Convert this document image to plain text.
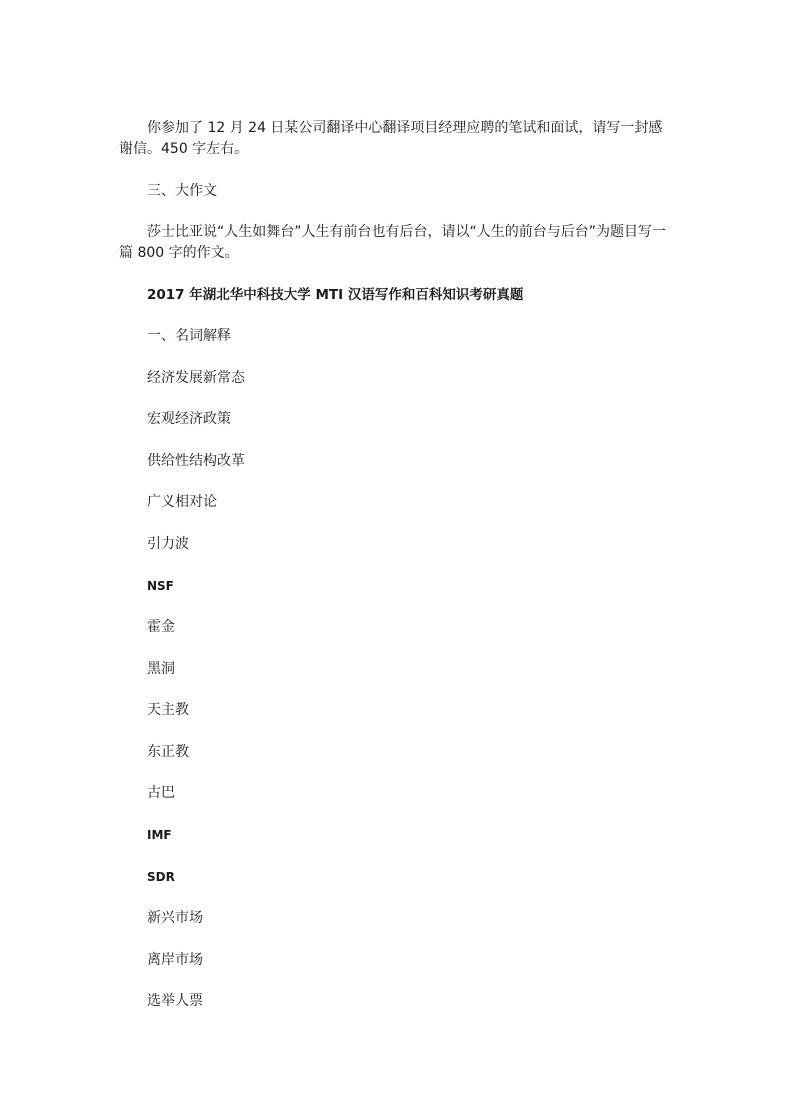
你参加了 12 月 24 日某公司翻译中心翻译项目经理应聘的笔试和面试，请写一封感谢信。450 字左右。

三、大作文

莎士比亚说“人生如舞台”人生有前台也有后台，请以“人生的前台与后台”为题目写一篇 800 字的作文。

2017 年湖北华中科技大学 MTI 汉语写作和百科知识考研真题

一、名词解释

经济发展新常态

宏观经济政策

供给性结构改革

广义相对论

引力波

NSF

霍金

黑洞

天主教

东正教

古巴

IMF

SDR

新兴市场

离岸市场

选举人票
